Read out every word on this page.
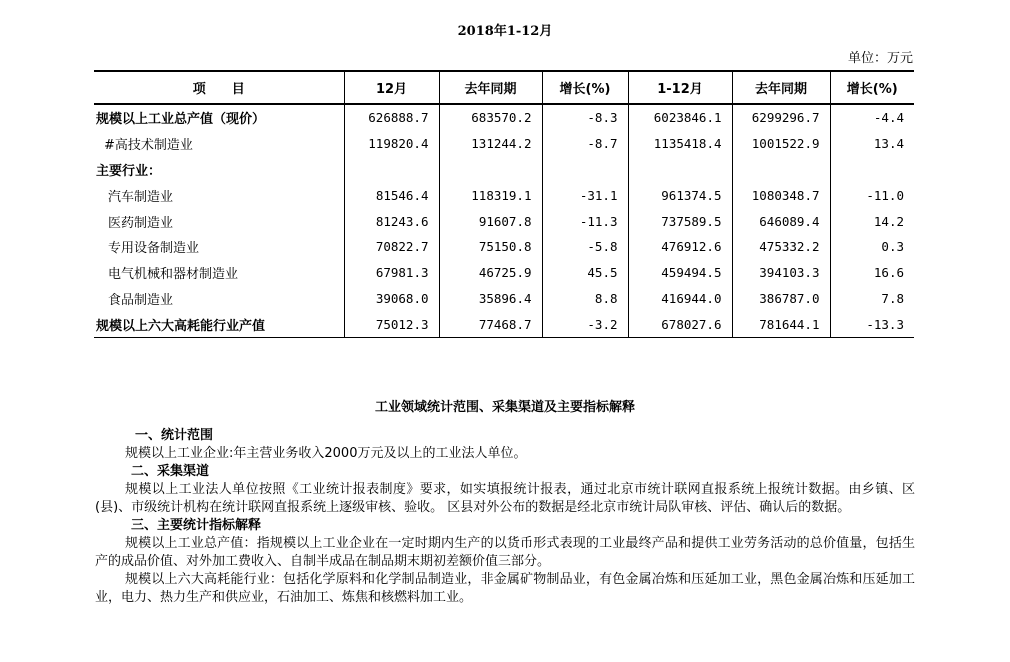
2018年1-12月
单位：万元
项　　目	12月	去年同期	增长(%)	1-12月	去年同期	增长(%)
规模以上工业总产值（现价）	626888.7	683570.2	-8.3	6023846.1	6299296.7	-4.4
#高技术制造业	119820.4	131244.2	-8.7	1135418.4	1001522.9	13.4
主要行业：						
汽车制造业	81546.4	118319.1	-31.1	961374.5	1080348.7	-11.0
医药制造业	81243.6	91607.8	-11.3	737589.5	646089.4	14.2
专用设备制造业	70822.7	75150.8	-5.8	476912.6	475332.2	0.3
电气机械和器材制造业	67981.3	46725.9	45.5	459494.5	394103.3	16.6
食品制造业	39068.0	35896.4	8.8	416944.0	386787.0	7.8
规模以上六大高耗能行业产值	75012.3	77468.7	-3.2	678027.6	781644.1	-13.3
工业领域统计范围、采集渠道及主要指标解释
一、统计范围
规模以上工业企业:年主营业务收入2000万元及以上的工业法人单位。
二、采集渠道
规模以上工业法人单位按照《工业统计报表制度》要求，如实填报统计报表，通过北京市统计联网直报系统上报统计数据。由乡镇、区(县)、市级统计机构在统计联网直报系统上逐级审核、验收。 区县对外公布的数据是经北京市统计局队审核、评估、确认后的数据。
三、主要统计指标解释
规模以上工业总产值：指规模以上工业企业在一定时期内生产的以货币形式表现的工业最终产品和提供工业劳务活动的总价值量，包括生产的成品价值、对外加工费收入、自制半成品在制品期末期初差额价值三部分。
规模以上六大高耗能行业：包括化学原料和化学制品制造业，非金属矿物制品业，有色金属冶炼和压延加工业，黑色金属冶炼和压延加工业，电力、热力生产和供应业，石油加工、炼焦和核燃料加工业。
